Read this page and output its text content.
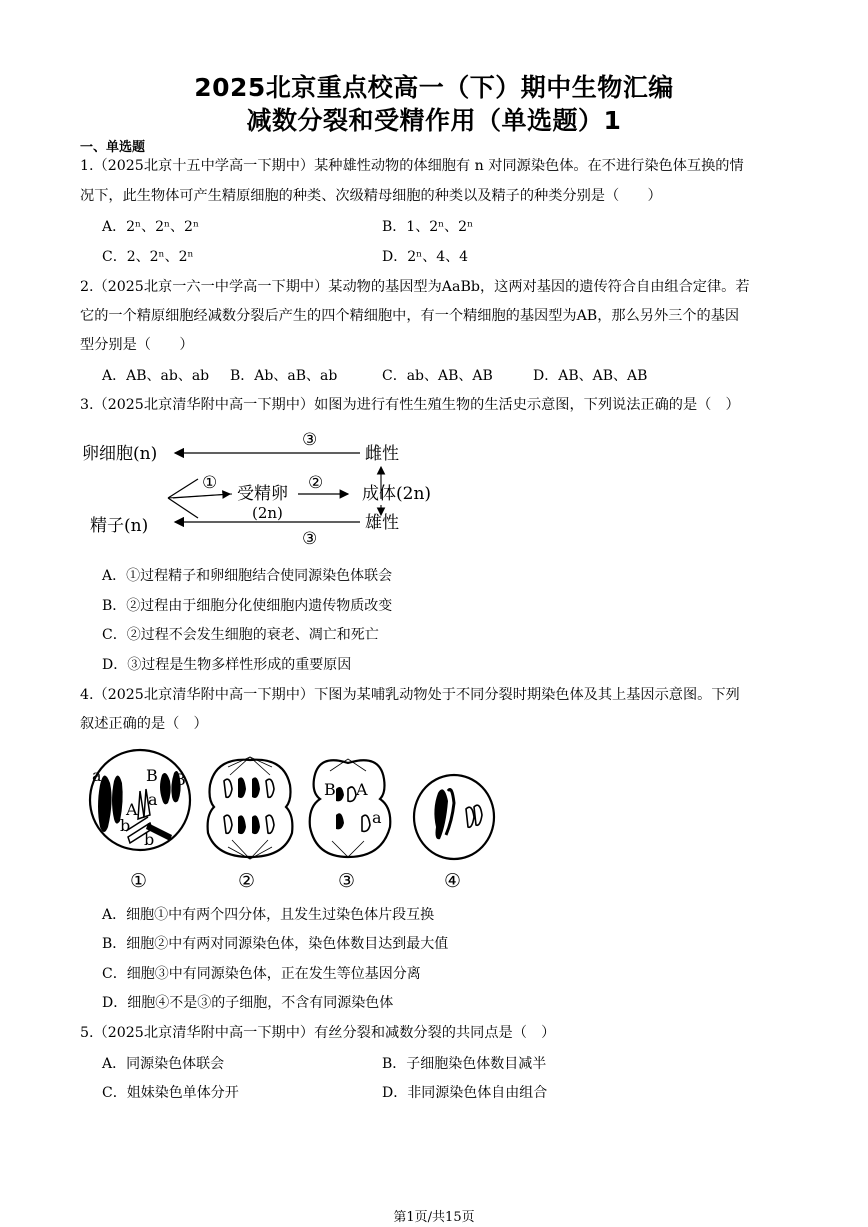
2025北京重点校高一（下）期中生物汇编
减数分裂和受精作用（单选题）1
一、单选题
1.（2025北京十五中学高一下期中）某种雄性动物的体细胞有 n 对同源染色体。在不进行染色体互换的情
况下，此生物体可产生精原细胞的种类、次级精母细胞的种类以及精子的种类分别是（　　）
A．2ⁿ、2ⁿ、2ⁿ	B．1、2ⁿ、2ⁿ
C．2、2ⁿ、2ⁿ	D．2ⁿ、4、4
2.（2025北京一六一中学高一下期中）某动物的基因型为AaBb，这两对基因的遗传符合自由组合定律。若
它的一个精原细胞经减数分裂后产生的四个精细胞中，有一个精细胞的基因型为AB，那么另外三个的基因
型分别是（　　）
A．AB、ab、ab B．Ab、aB、ab	C．ab、AB、AB	D．AB、AB、AB
3.（2025北京清华附中高一下期中）如图为进行有性生殖生物的生活史示意图，下列说法正确的是（　）
③
卵细胞(n)	雌性
①
受精卵
(2n)
②
成体(2n)
精子(n)	雄性
③
A．①过程精子和卵细胞结合使同源染色体联会
B．②过程由于细胞分化使细胞内遗传物质改变
C．②过程不会发生细胞的衰老、凋亡和死亡
D．③过程是生物多样性形成的重要原因
4.（2025北京清华附中高一下期中）下图为某哺乳动物处于不同分裂时期染色体及其上基因示意图。下列
叙述正确的是（　）
a	B B
A
a
b
b
①	②
B A
a
③	④
A．细胞①中有两个四分体，且发生过染色体片段互换
B．细胞②中有两对同源染色体，染色体数目达到最大值
C．细胞③中有同源染色体，正在发生等位基因分离
D．细胞④不是③的子细胞，不含有同源染色体
5.（2025北京清华附中高一下期中）有丝分裂和减数分裂的共同点是（　）
A．同源染色体联会	B．子细胞染色体数目减半
C．姐妹染色单体分开	D．非同源染色体自由组合
第1页/共15页
